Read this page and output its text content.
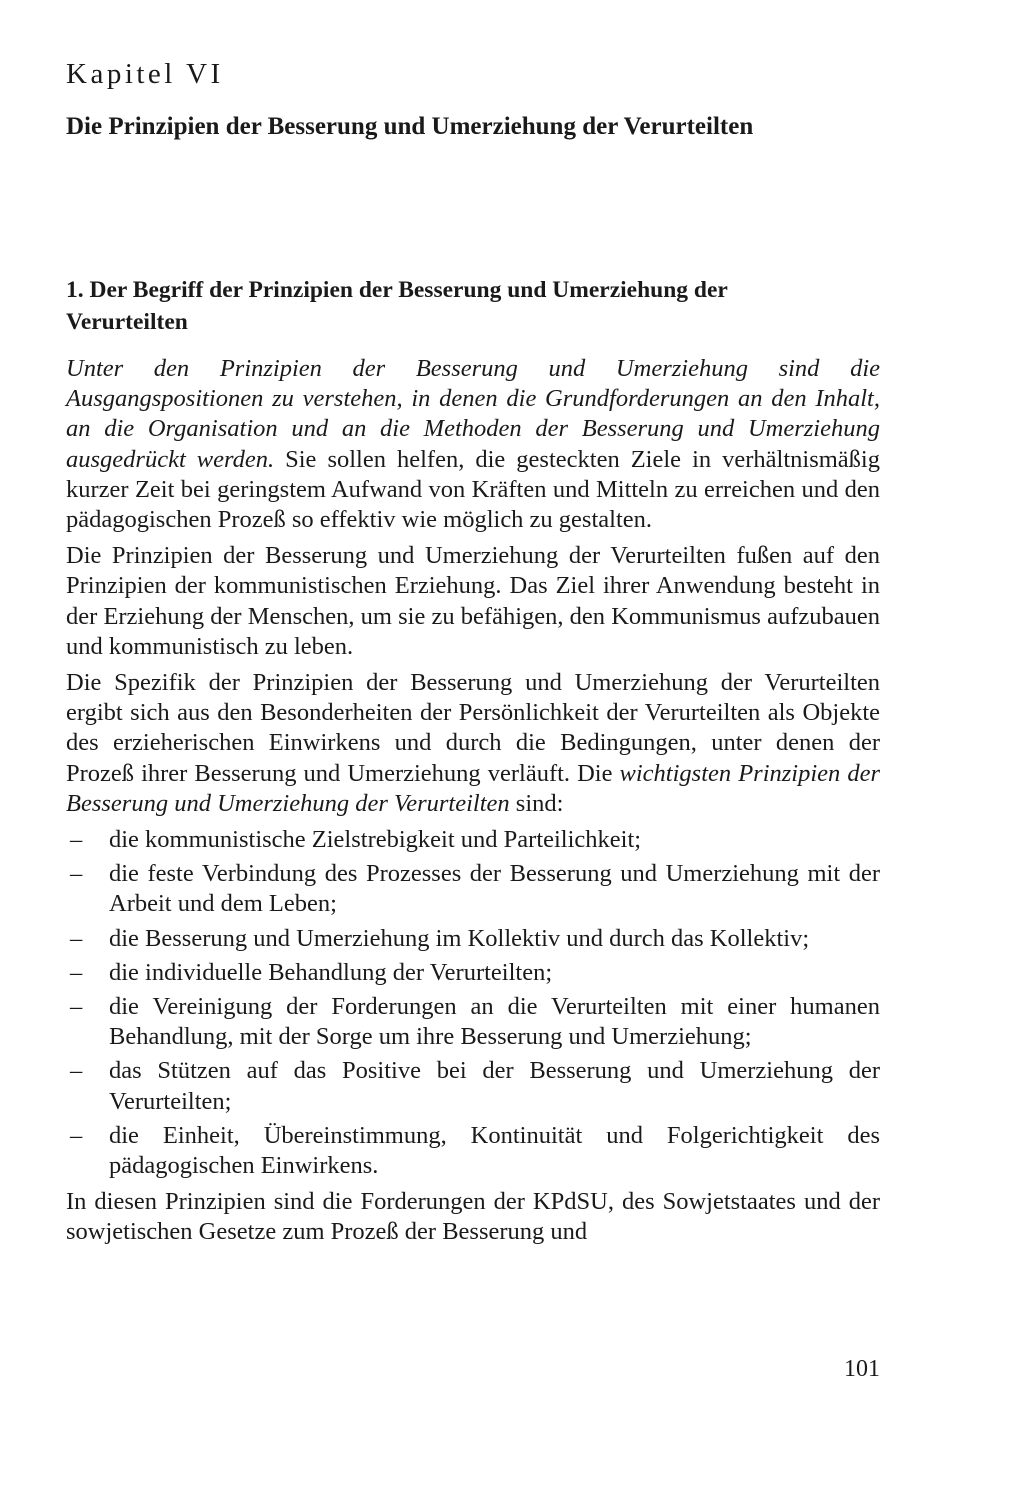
Kapitel VI
Die Prinzipien der Besserung und Umerziehung der Verurteilten
1. Der Begriff der Prinzipien der Besserung und Umerziehung der Verurteilten

Unter den Prinzipien der Besserung und Umerziehung sind die Ausgangspositionen zu verstehen, in denen die Grundforderungen an den Inhalt, an die Organisation und an die Methoden der Besserung und Umerziehung ausgedrückt werden. Sie sollen helfen, die gesteckten Ziele in verhältnismäßig kurzer Zeit bei geringstem Aufwand von Kräften und Mitteln zu erreichen und den pädagogischen Prozeß so effektiv wie möglich zu gestalten.

Die Prinzipien der Besserung und Umerziehung der Verurteilten fußen auf den Prinzipien der kommunistischen Erziehung. Das Ziel ihrer Anwendung besteht in der Erziehung der Menschen, um sie zu befähigen, den Kommunismus aufzubauen und kommunistisch zu leben.

Die Spezifik der Prinzipien der Besserung und Umerziehung der Verurteilten ergibt sich aus den Besonderheiten der Persönlichkeit der Verurteilten als Objekte des erzieherischen Einwirkens und durch die Bedingungen, unter denen der Prozeß ihrer Besserung und Umerziehung verläuft. Die wichtigsten Prinzipien der Besserung und Umerziehung der Verurteilten sind:

– die kommunistische Zielstrebigkeit und Parteilichkeit;
– die feste Verbindung des Prozesses der Besserung und Umerziehung mit der Arbeit und dem Leben;
– die Besserung und Umerziehung im Kollektiv und durch das Kollektiv;
– die individuelle Behandlung der Verurteilten;
– die Vereinigung der Forderungen an die Verurteilten mit einer humanen Behandlung, mit der Sorge um ihre Besserung und Umerziehung;
– das Stützen auf das Positive bei der Besserung und Umerziehung der Verurteilten;
– die Einheit, Übereinstimmung, Kontinuität und Folgerichtigkeit des pädagogischen Einwirkens.

In diesen Prinzipien sind die Forderungen der KPdSU, des Sowjetstaates und der sowjetischen Gesetze zum Prozeß der Besserung und

101
